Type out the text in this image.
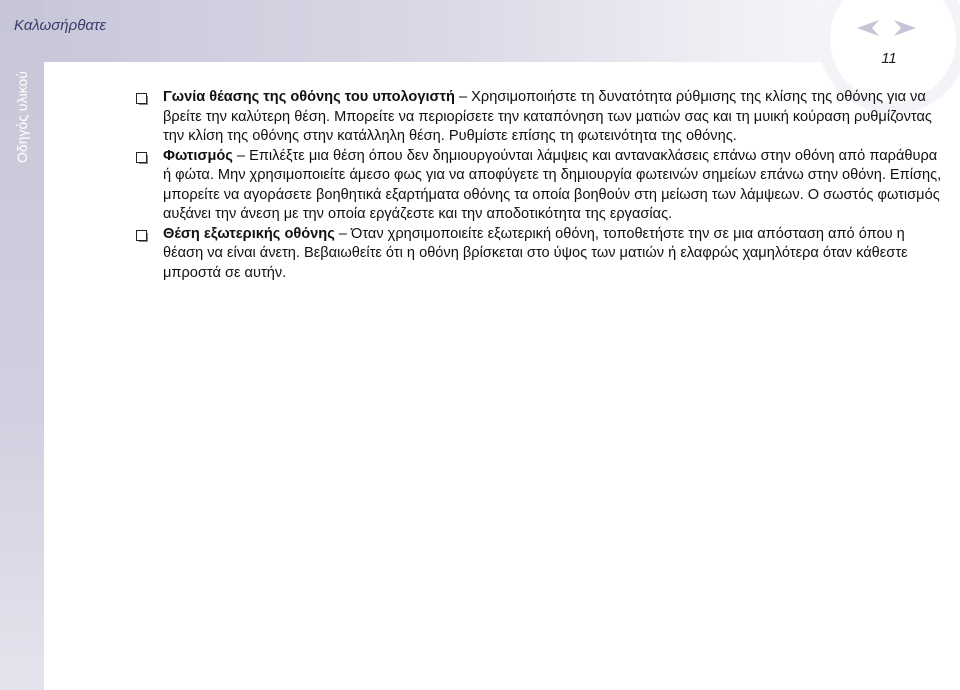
Καλωσήρθατε
Οδηγός υλικού
11
Γωνία θέασης της οθόνης του υπολογιστή – Χρησιμοποιήστε τη δυνατότητα ρύθμισης της κλίσης της οθόνης για να βρείτε την καλύτερη θέση. Μπορείτε να περιορίσετε την καταπόνηση των ματιών σας και τη μυική κούραση ρυθμίζοντας την κλίση της οθόνης στην κατάλληλη θέση. Ρυθμίστε επίσης τη φωτεινότητα της οθόνης.
Φωτισμός – Επιλέξτε μια θέση όπου δεν δημιουργούνται λάμψεις και αντανακλάσεις επάνω στην οθόνη από παράθυρα ή φώτα. Μην χρησιμοποιείτε άμεσο φως για να αποφύγετε τη δημιουργία φωτεινών σημείων επάνω στην οθόνη. Επίσης, μπορείτε να αγοράσετε βοηθητικά εξαρτήματα οθόνης τα οποία βοηθούν στη μείωση των λάμψεων. Ο σωστός φωτισμός αυξάνει την άνεση με την οποία εργάζεστε και την αποδοτικότητα της εργασίας.
Θέση εξωτερικής οθόνης – Όταν χρησιμοποιείτε εξωτερική οθόνη, τοποθετήστε την σε μια απόσταση από όπου η θέαση να είναι άνετη. Βεβαιωθείτε ότι η οθόνη βρίσκεται στο ύψος των ματιών ή ελαφρώς χαμηλότερα όταν κάθεστε μπροστά σε αυτήν.
